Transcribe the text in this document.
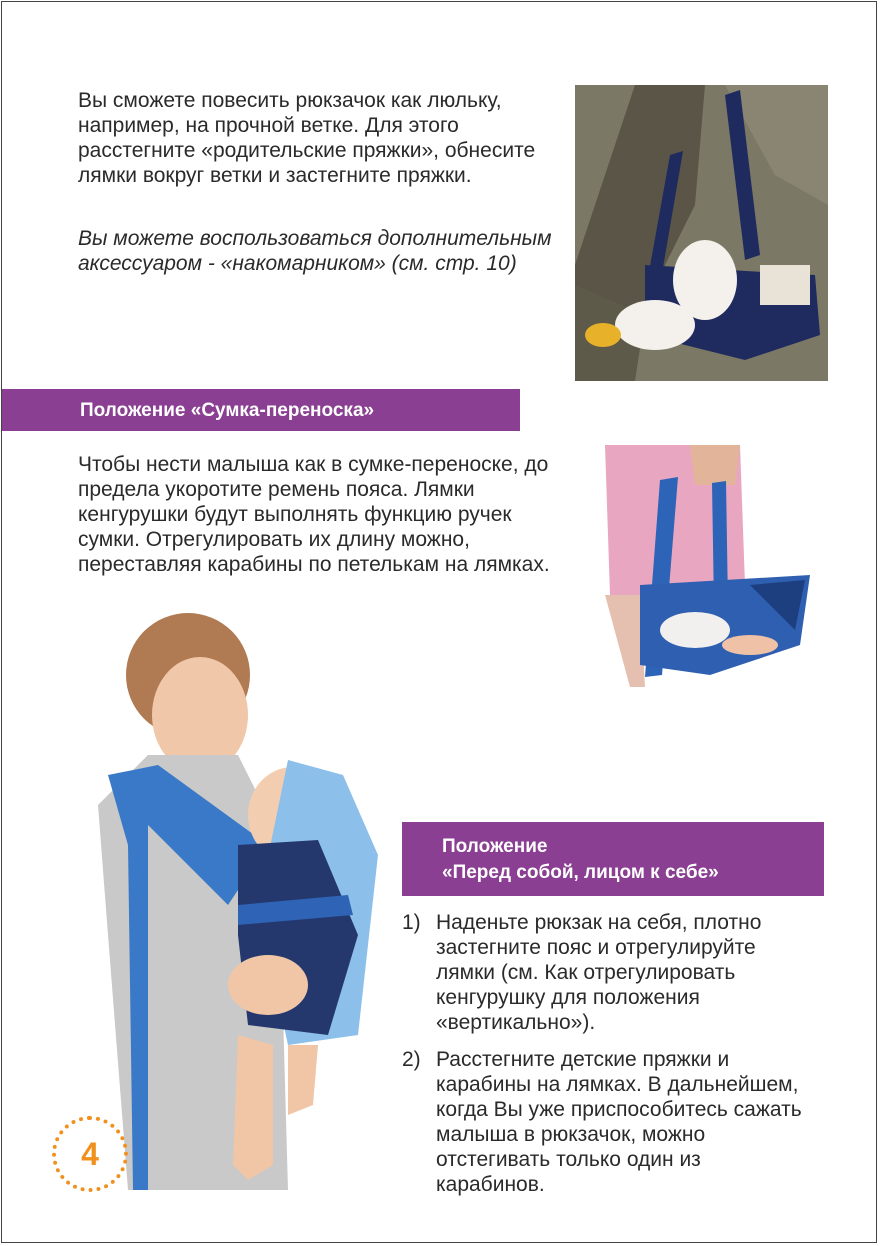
Вы сможете повесить рюкзачок как люльку, например, на прочной ветке. Для этого расстегните «родительские пряжки», обнесите лямки вокруг ветки и застегните пряжки.

Вы можете воспользоваться дополнительным аксессуаром - «накомарником» (см. стр. 10)

Положение «Сумка-переноска»

Чтобы нести малыша как в сумке-переноске, до предела укоротите ремень пояса. Лямки кенгурушки будут выполнять функцию ручек сумки. Отрегулировать их длину можно, переставляя карабины по петелькам на лямках.

Положение
«Перед собой, лицом к себе»
1) Наденьте рюкзак на себя, плотно застегните пояс и отрегулируйте лямки (см. Как отрегулировать кенгурушку для положения «вертикально»).
2) Расстегните детские пряжки и карабины на лямках. В дальнейшем, когда Вы уже приспособитесь сажать малыша в рюкзачок, можно отстегивать только один из карабинов.
4
